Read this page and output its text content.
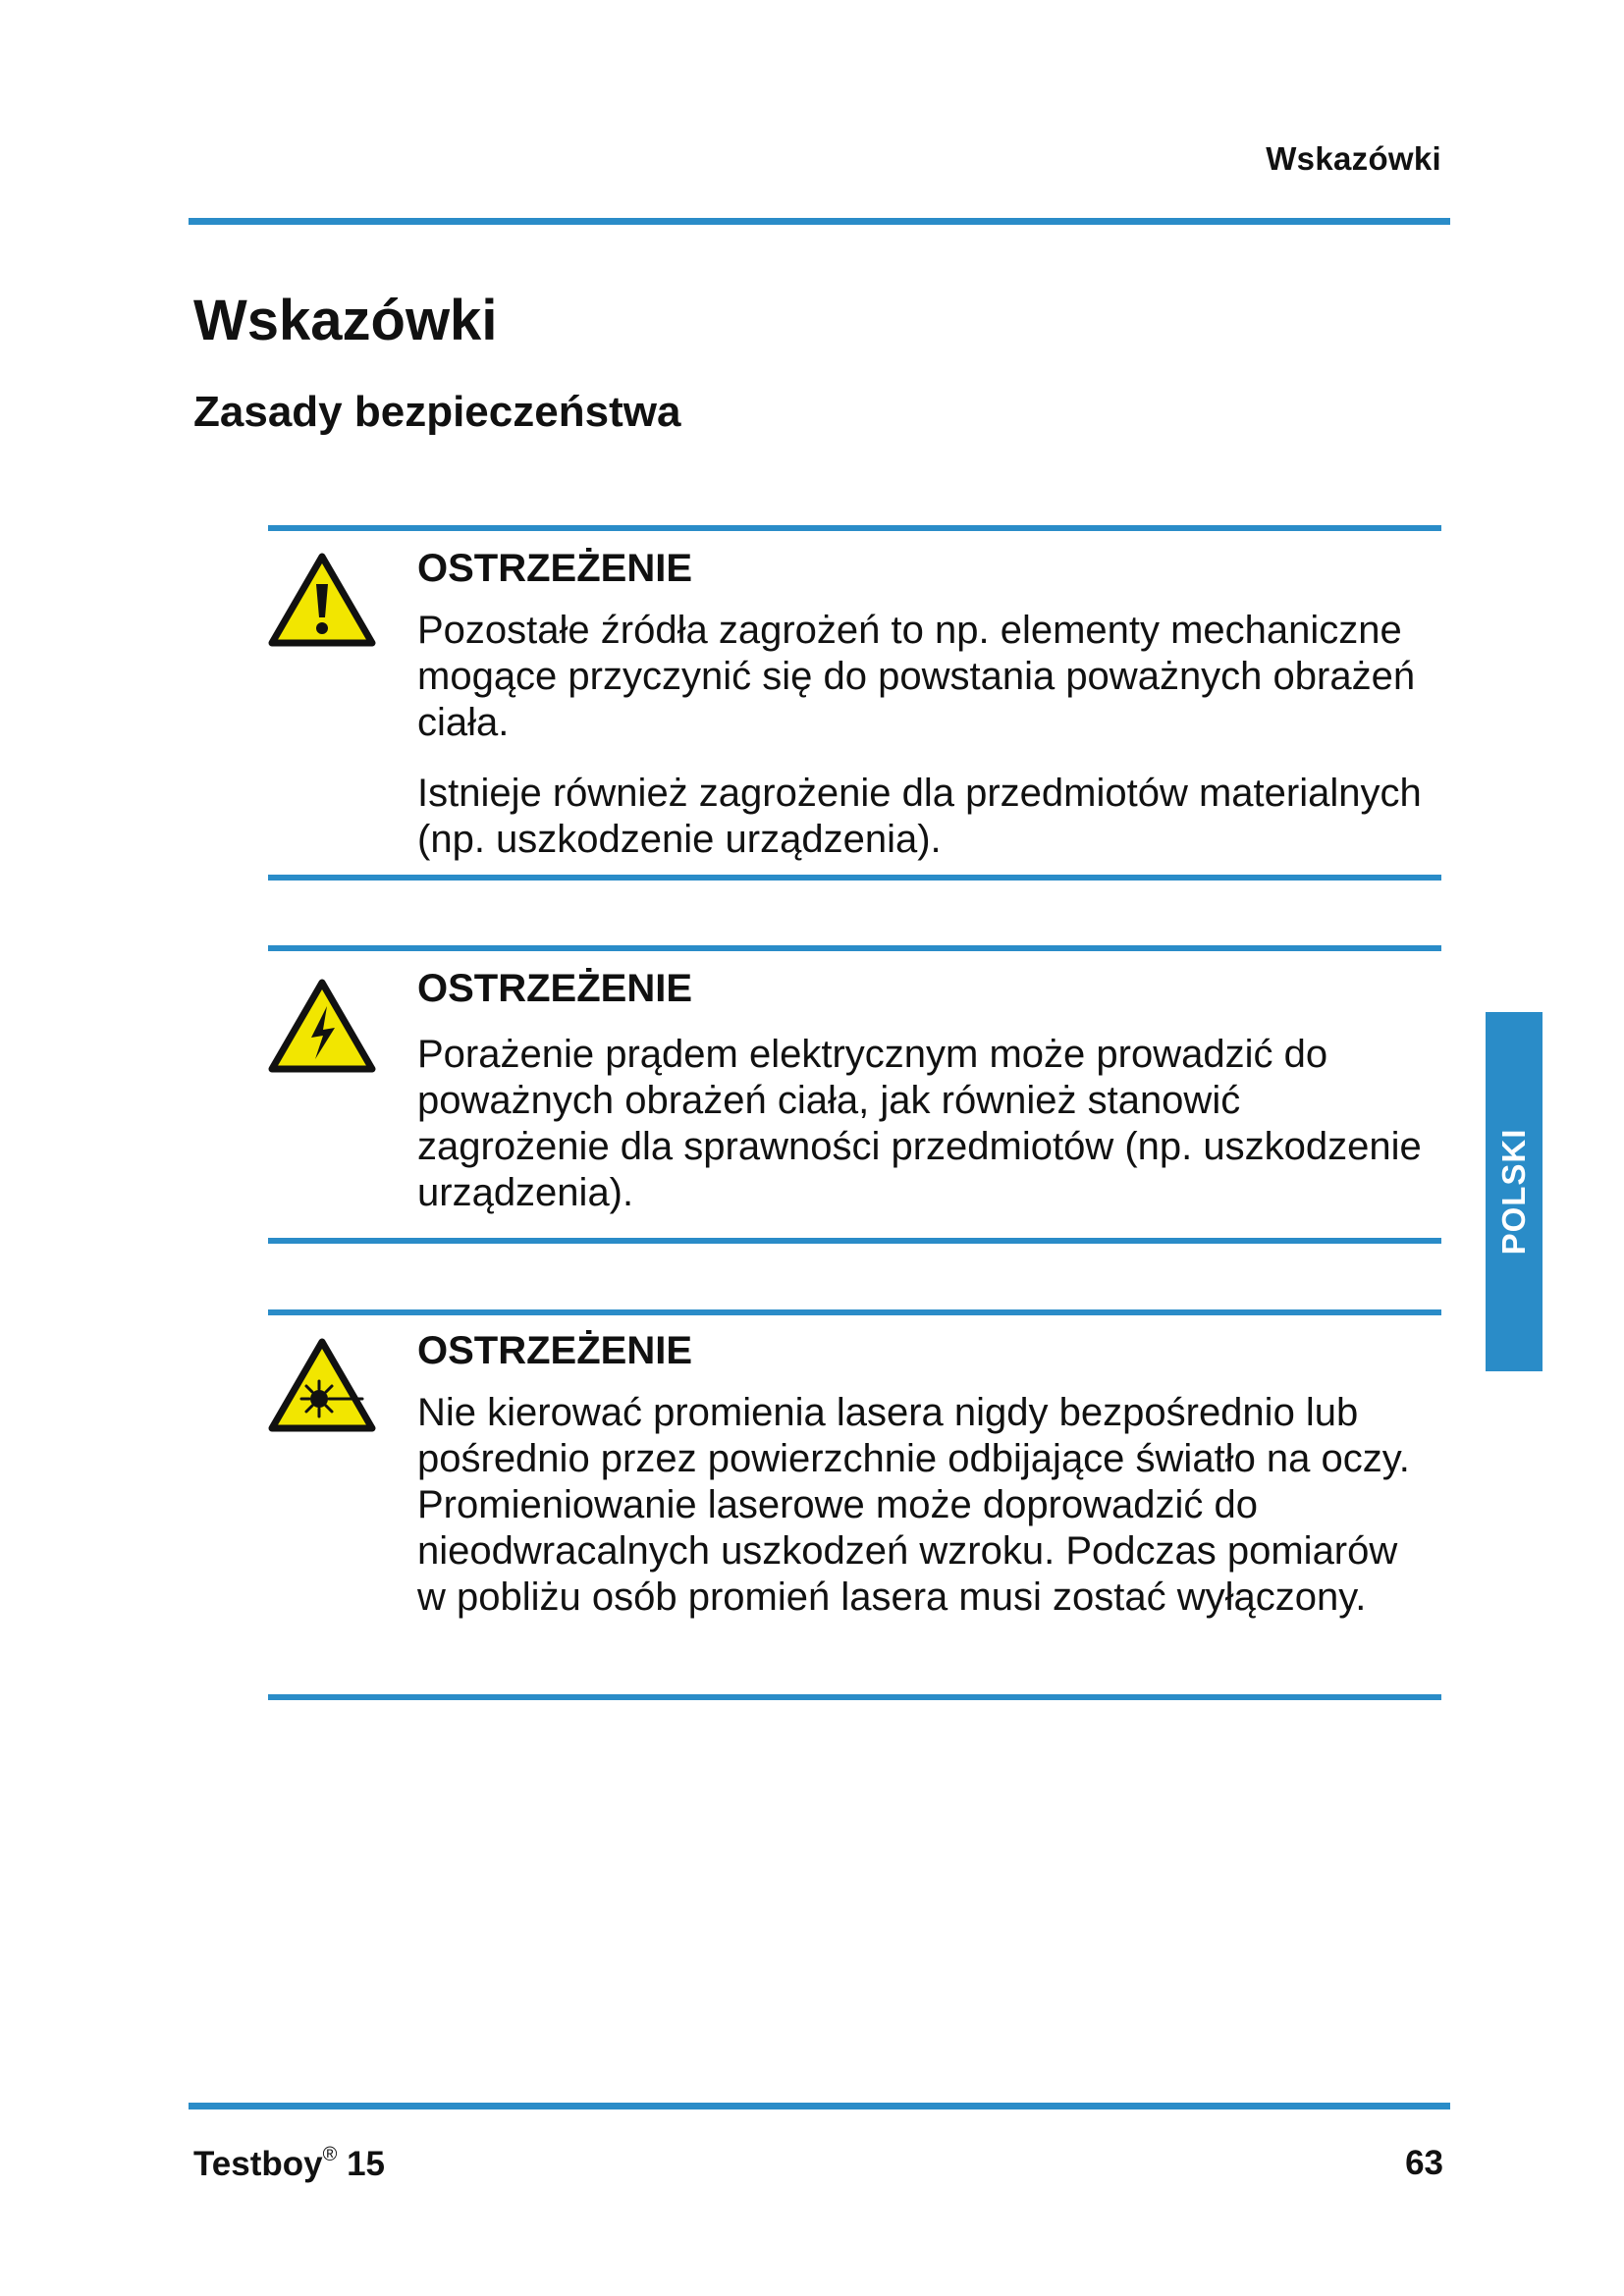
Wskazówki
Wskazówki
Zasady bezpieczeństwa
OSTRZEŻENIE

Pozostałe źródła zagrożeń to np. elementy mechaniczne mogące przyczynić się do powstania poważnych obrażeń ciała.

Istnieje również zagrożenie dla przedmiotów materialnych (np. uszkodzenie urządzenia).

OSTRZEŻENIE

Porażenie prądem elektrycznym może prowadzić do poważnych obrażeń ciała, jak również stanowić zagrożenie dla sprawności przedmiotów (np. uszkodzenie urządzenia).

OSTRZEŻENIE

Nie kierować promienia lasera nigdy bezpośrednio lub pośrednio przez powierzchnie odbijające światło na oczy. Promieniowanie laserowe może doprowadzić do nieodwracalnych uszkodzeń wzroku. Podczas pomiarów w pobliżu osób promień lasera musi zostać wyłączony.

POLSKI
Testboy® 15	63
